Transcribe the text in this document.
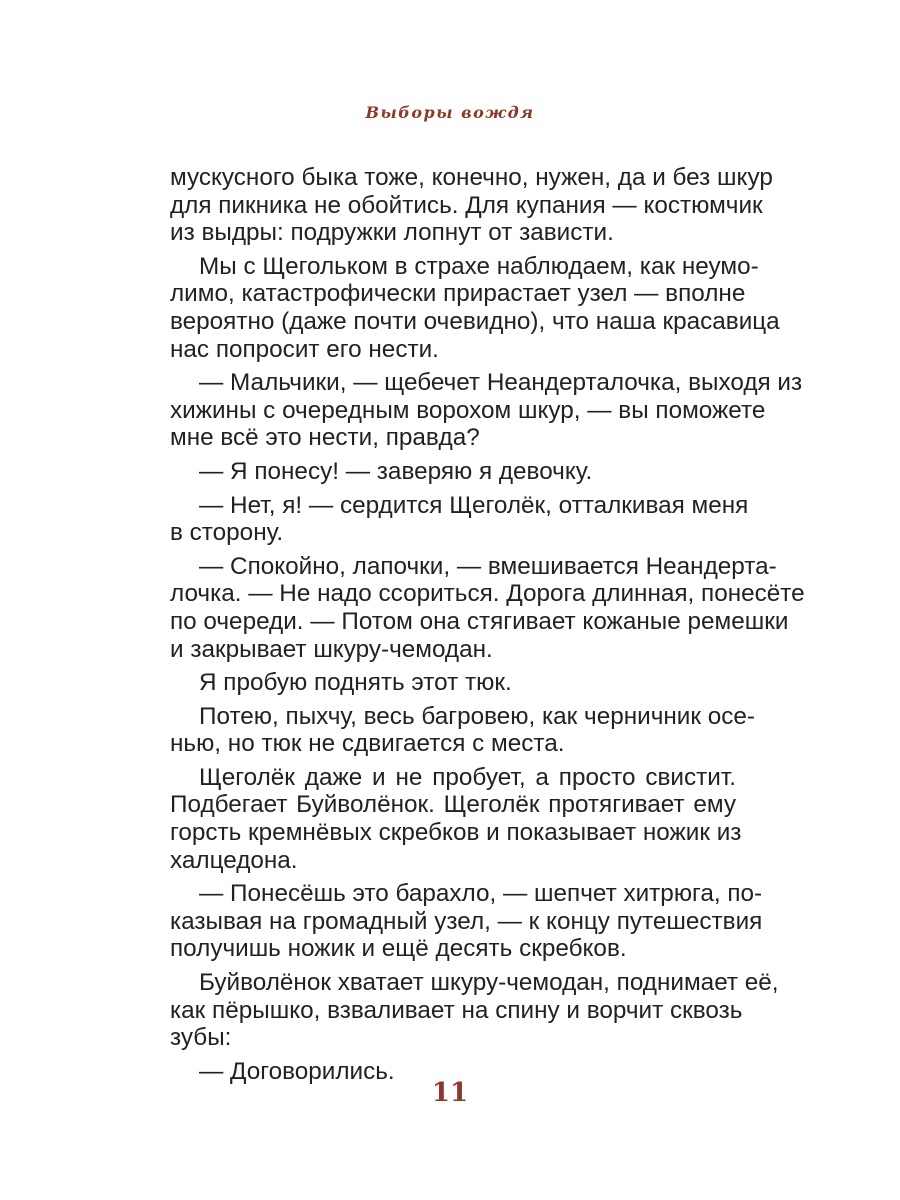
Выборы вождя
мускусного быка тоже, конечно, нужен, да и без шкур
для пикника не обойтись. Для купания — костюмчик
из выдры: подружки лопнут от зависти.
Мы с Щегольком в страхе наблюдаем, как неумо-
лимо, катастрофически прирастает узел — вполне
вероятно (даже почти очевидно), что наша красавица
нас попросит его нести.
— Мальчики, — щебечет Неандерталочка, выходя из
хижины с очередным ворохом шкур, — вы поможете
мне всё это нести, правда?
— Я понесу! — заверяю я девочку.
— Нет, я! — сердится Щеголёк, отталкивая меня
в сторону.
— Спокойно, лапочки, — вмешивается Неандерта-
лочка. — Не надо ссориться. Дорога длинная, понесёте
по очереди. — Потом она стягивает кожаные ремешки
и закрывает шкуру-чемодан.
Я пробую поднять этот тюк.
Потею, пыхчу, весь багровею, как черничник осе-
нью, но тюк не сдвигается с места.
Щеголёк даже и не пробует, а просто свистит.
Подбегает Буйволёнок. Щеголёк протягивает ему
горсть кремнёвых скребков и показывает ножик из
халцедона.
— Понесёшь это барахло, — шепчет хитрюга, по-
казывая на громадный узел, — к концу путешествия
получишь ножик и ещё десять скребков.
Буйволёнок хватает шкуру-чемодан, поднимает её,
как пёрышко, взваливает на спину и ворчит сквозь
зубы:
— Договорились.
11
